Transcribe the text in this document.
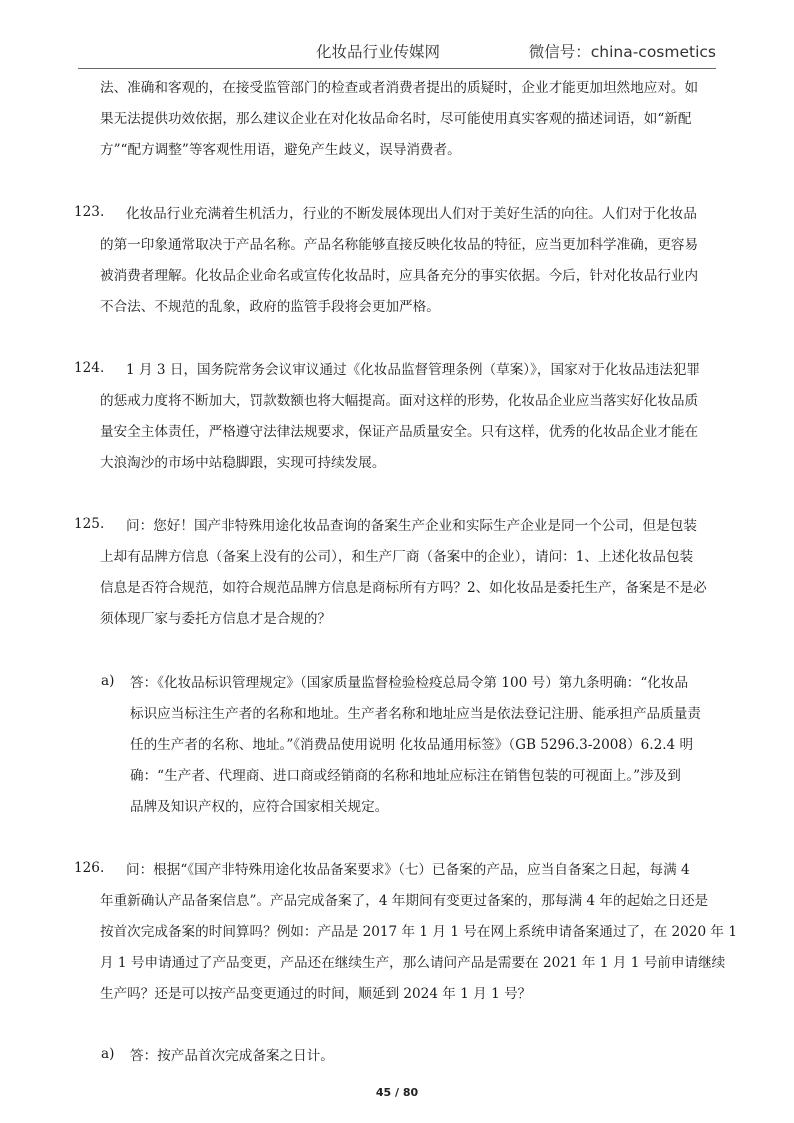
化妆品行业传媒网	微信号：china-cosmetics
法、准确和客观的，在接受监管部门的检查或者消费者提出的质疑时，企业才能更加坦然地应对。如
果无法提供功效依据，那么建议企业在对化妆品命名时，尽可能使用真实客观的描述词语，如“新配
方”“配方调整”等客观性用语，避免产生歧义，误导消费者。
123. 化妆品行业充满着生机活力，行业的不断发展体现出人们对于美好生活的向往。人们对于化妆品
的第一印象通常取决于产品名称。产品名称能够直接反映化妆品的特征，应当更加科学准确，更容易
被消费者理解。化妆品企业命名或宣传化妆品时，应具备充分的事实依据。今后，针对化妆品行业内
不合法、不规范的乱象，政府的监管手段将会更加严格。
124. 1 月 3 日，国务院常务会议审议通过《化妆品监督管理条例（草案）》，国家对于化妆品违法犯罪
的惩戒力度将不断加大，罚款数额也将大幅提高。面对这样的形势，化妆品企业应当落实好化妆品质
量安全主体责任，严格遵守法律法规要求，保证产品质量安全。只有这样，优秀的化妆品企业才能在
大浪淘沙的市场中站稳脚跟，实现可持续发展。
125. 问：您好！国产非特殊用途化妆品查询的备案生产企业和实际生产企业是同一个公司，但是包装
上却有品牌方信息（备案上没有的公司），和生产厂商（备案中的企业），请问：1、上述化妆品包装
信息是否符合规范，如符合规范品牌方信息是商标所有方吗？2、如化妆品是委托生产，备案是不是必
须体现厂家与委托方信息才是合规的？
a) 答：《化妆品标识管理规定》（国家质量监督检验检疫总局令第 100 号）第九条明确：“化妆品
标识应当标注生产者的名称和地址。生产者名称和地址应当是依法登记注册、能承担产品质量责
任的生产者的名称、地址。”《消费品使用说明 化妆品通用标签》（GB 5296.3-2008）6.2.4 明
确：“生产者、代理商、进口商或经销商的名称和地址应标注在销售包装的可视面上。”涉及到
品牌及知识产权的，应符合国家相关规定。
126. 问：根据“《国产非特殊用途化妆品备案要求》（七）已备案的产品，应当自备案之日起，每满 4
年重新确认产品备案信息”。产品完成备案了，4 年期间有变更过备案的，那每满 4 年的起始之日还是
按首次完成备案的时间算吗？例如：产品是 2017 年 1 月 1 号在网上系统申请备案通过了，在 2020 年 1
月 1 号申请通过了产品变更，产品还在继续生产，那么请问产品是需要在 2021 年 1 月 1 号前申请继续
生产吗？还是可以按产品变更通过的时间，顺延到 2024 年 1 月 1 号？
a) 答：按产品首次完成备案之日计。
45 / 80
